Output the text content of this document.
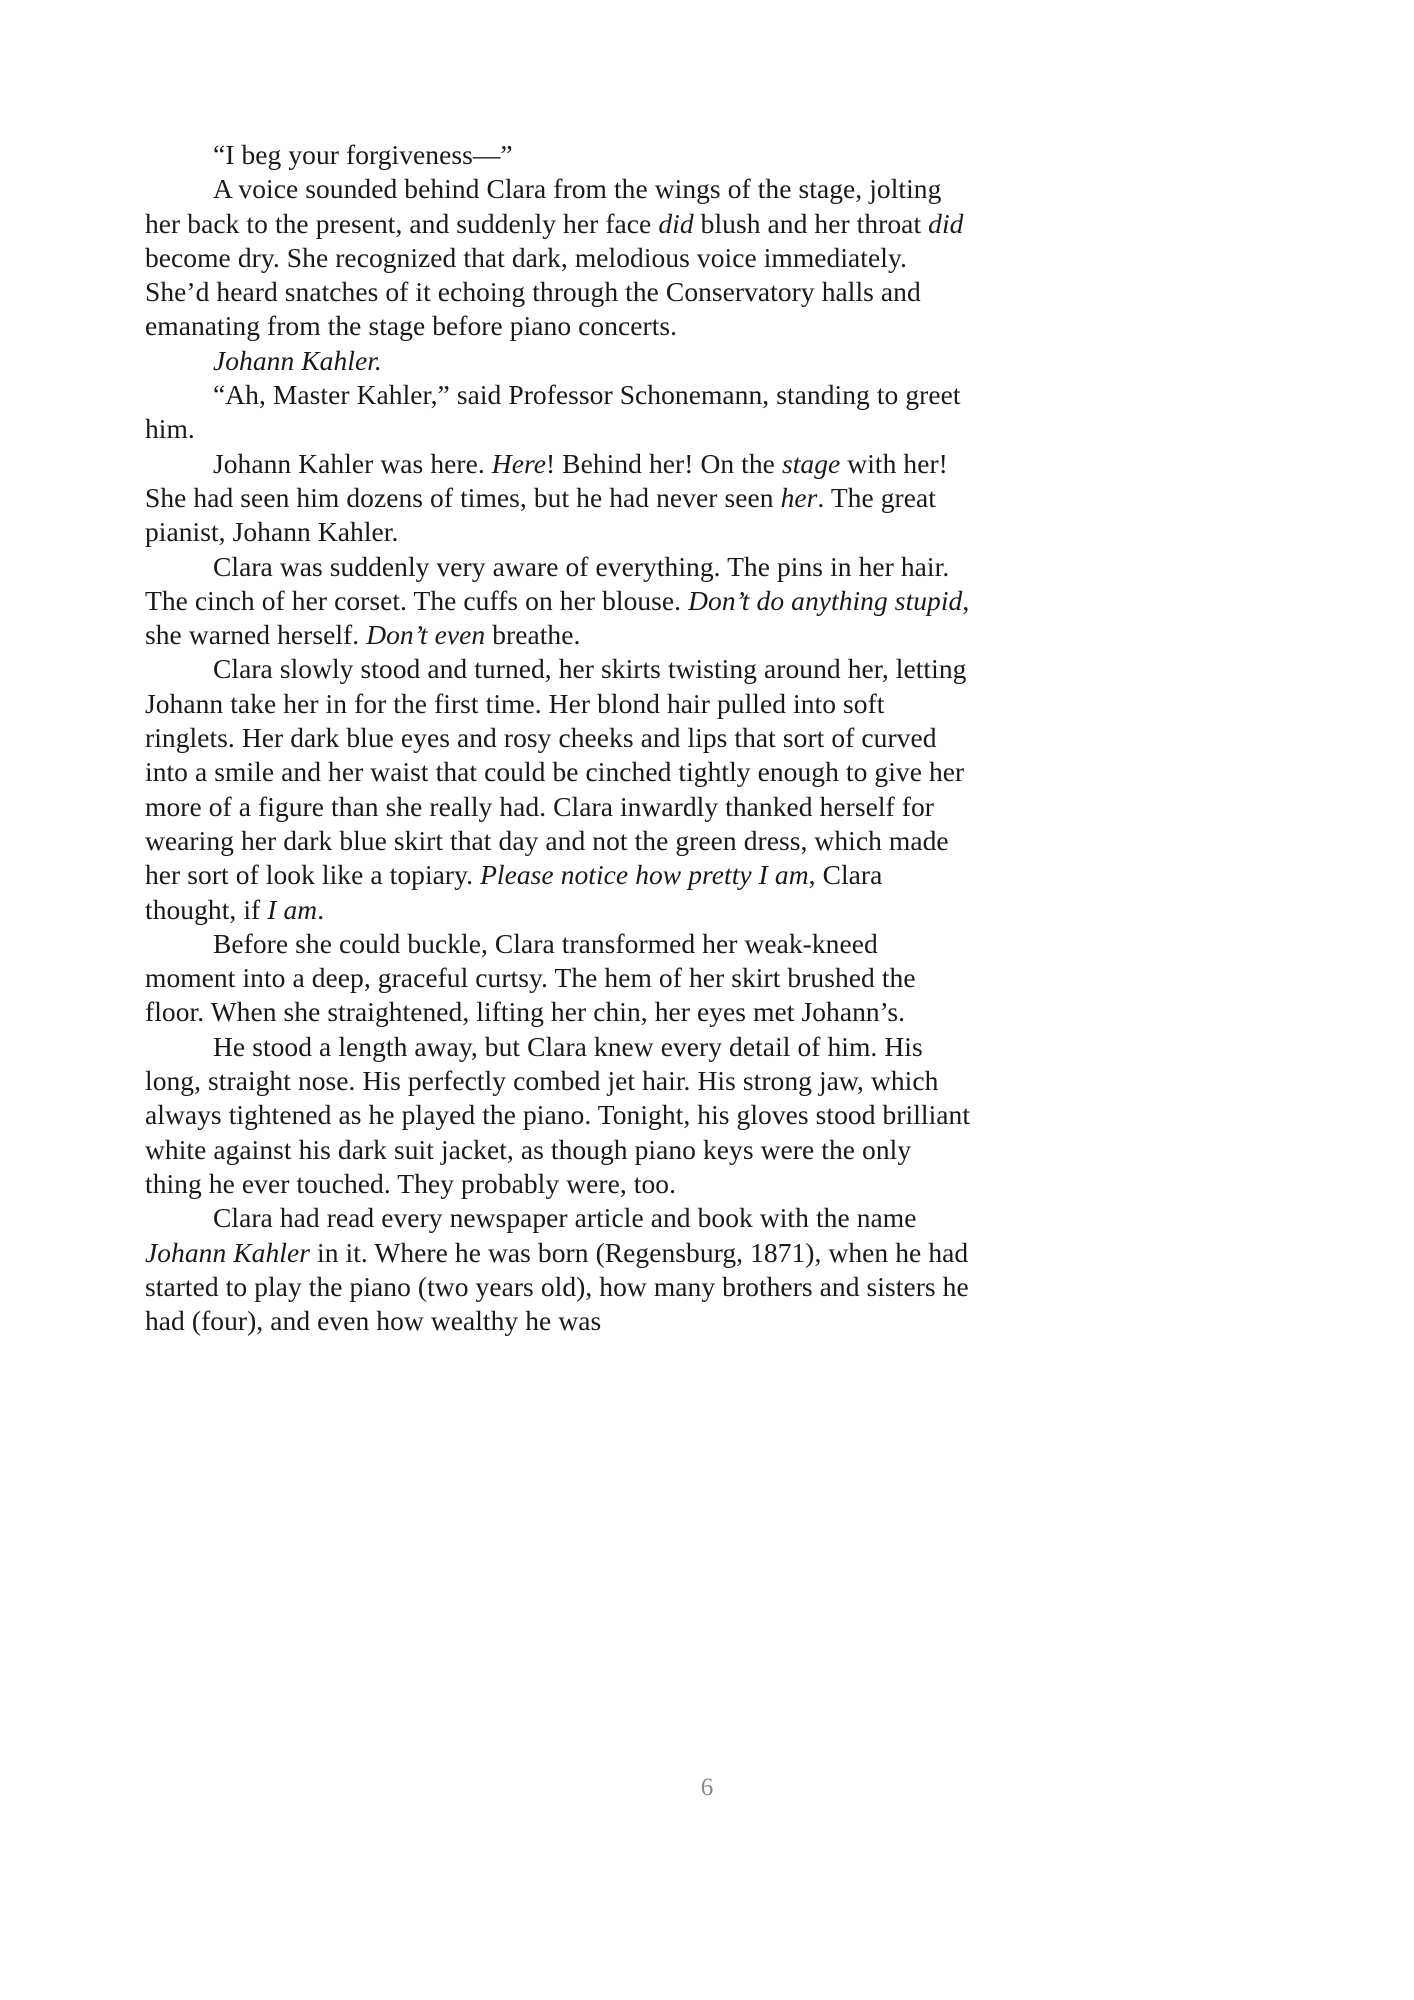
“I beg your forgiveness—”

A voice sounded behind Clara from the wings of the stage, jolting her back to the present, and suddenly her face did blush and her throat did become dry. She recognized that dark, melodious voice immediately. She’d heard snatches of it echoing through the Conservatory halls and emanating from the stage before piano concerts.

Johann Kahler.

“Ah, Master Kahler,” said Professor Schonemann, standing to greet him.

Johann Kahler was here. Here! Behind her! On the stage with her! She had seen him dozens of times, but he had never seen her. The great pianist, Johann Kahler.

Clara was suddenly very aware of everything. The pins in her hair. The cinch of her corset. The cuffs on her blouse. Don’t do anything stupid, she warned herself. Don’t even breathe.

Clara slowly stood and turned, her skirts twisting around her, letting Johann take her in for the first time. Her blond hair pulled into soft ringlets. Her dark blue eyes and rosy cheeks and lips that sort of curved into a smile and her waist that could be cinched tightly enough to give her more of a figure than she really had. Clara inwardly thanked herself for wearing her dark blue skirt that day and not the green dress, which made her sort of look like a topiary. Please notice how pretty I am, Clara thought, if I am.

Before she could buckle, Clara transformed her weak-kneed moment into a deep, graceful curtsy. The hem of her skirt brushed the floor. When she straightened, lifting her chin, her eyes met Johann’s.

He stood a length away, but Clara knew every detail of him. His long, straight nose. His perfectly combed jet hair. His strong jaw, which always tightened as he played the piano. Tonight, his gloves stood brilliant white against his dark suit jacket, as though piano keys were the only thing he ever touched. They probably were, too.

Clara had read every newspaper article and book with the name Johann Kahler in it. Where he was born (Regensburg, 1871), when he had started to play the piano (two years old), how many brothers and sisters he had (four), and even how wealthy he was

6
